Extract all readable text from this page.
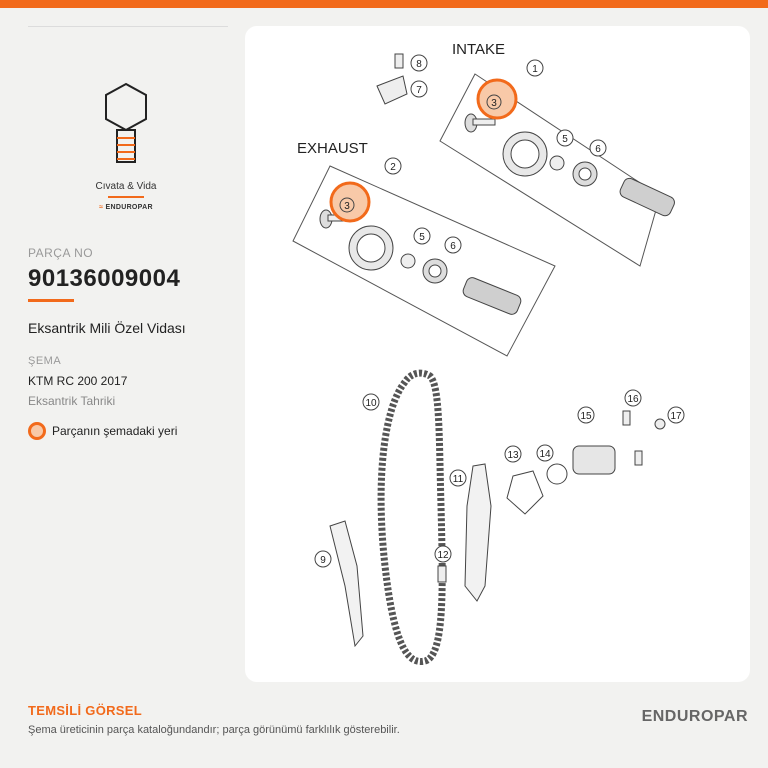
Cıvata & Vida
≈ ENDUROPAR
PARÇA NO
90136009004
Eksantrik Mili Özel Vidası
ŞEMA
KTM RC 200 2017
Eksantrik Tahriki
Parçanın şemadaki yeri
INTAKE
EXHAUST
1
2
3
3
5
6
5
6
7
8
9
10
11
12
13 14
15
16
17
TEMSİLİ GÖRSEL
Şema üreticinin parça kataloğundandır; parça görünümü farklılık gösterebilir.
ENDUROPAR
